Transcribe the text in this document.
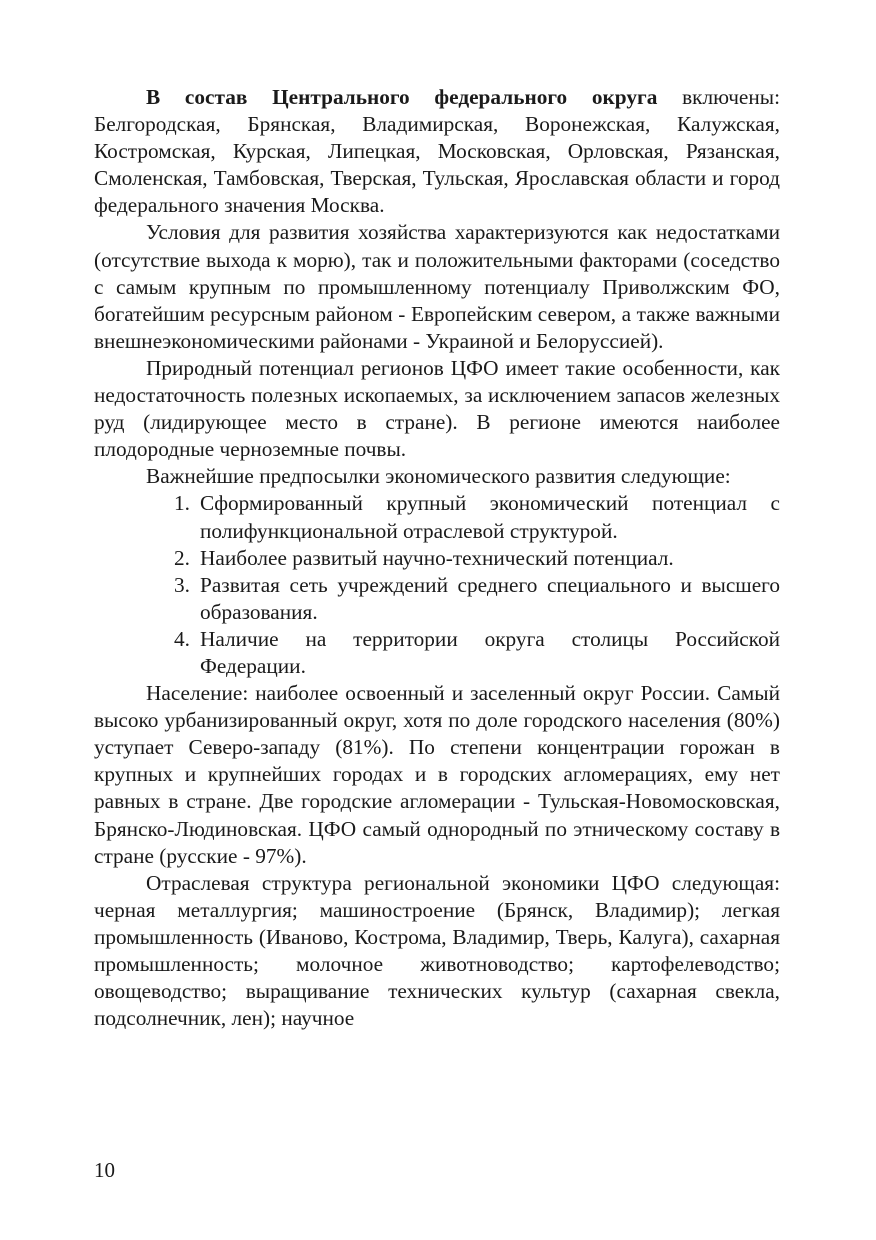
В состав Центрального федерального округа включены: Белгородская, Брянская, Владимирская, Воронежская, Калужская, Костромская, Курская, Липецкая, Московская, Орловская, Рязанская, Смоленская, Тамбовская, Тверская, Тульская, Ярославская области и город федерального значения Москва.

Условия для развития хозяйства характеризуются как недостатками (отсутствие выхода к морю), так и положительными факторами (соседство с самым крупным по промышленному потенциалу Приволжским ФО, богатейшим ресурсным районом - Европейским севером, а также важными внешнеэкономическими районами - Украиной и Белоруссией).

Природный потенциал регионов ЦФО имеет такие особенности, как недостаточность полезных ископаемых, за исключением запасов железных руд (лидирующее место в стране). В регионе имеются наиболее плодородные черноземные почвы.

Важнейшие предпосылки экономического развития следующие:

1. Сформированный крупный экономический потенциал с полифункциональной отраслевой структурой.
2. Наиболее развитый научно-технический потенциал.
3. Развитая сеть учреждений среднего специального и высшего образования.
4. Наличие на территории округа столицы Российской Федерации.

Население: наиболее освоенный и заселенный округ России. Самый высоко урбанизированный округ, хотя по доле городского населения (80%) уступает Северо-западу (81%). По степени концентрации горожан в крупных и крупнейших городах и в городских агломерациях, ему нет равных в стране. Две городские агломерации - Тульская-Новомосковская, Брянско-Людиновская. ЦФО самый однородный по этническому составу в стране (русские - 97%).

Отраслевая структура региональной экономики ЦФО следующая: черная металлургия; машиностроение (Брянск, Владимир); легкая промышленность (Иваново, Кострома, Владимир, Тверь, Калуга), сахарная промышленность; молочное животноводство; картофелеводство; овощеводство; выращивание технических культур (сахарная свекла, подсолнечник, лен); научное

10
